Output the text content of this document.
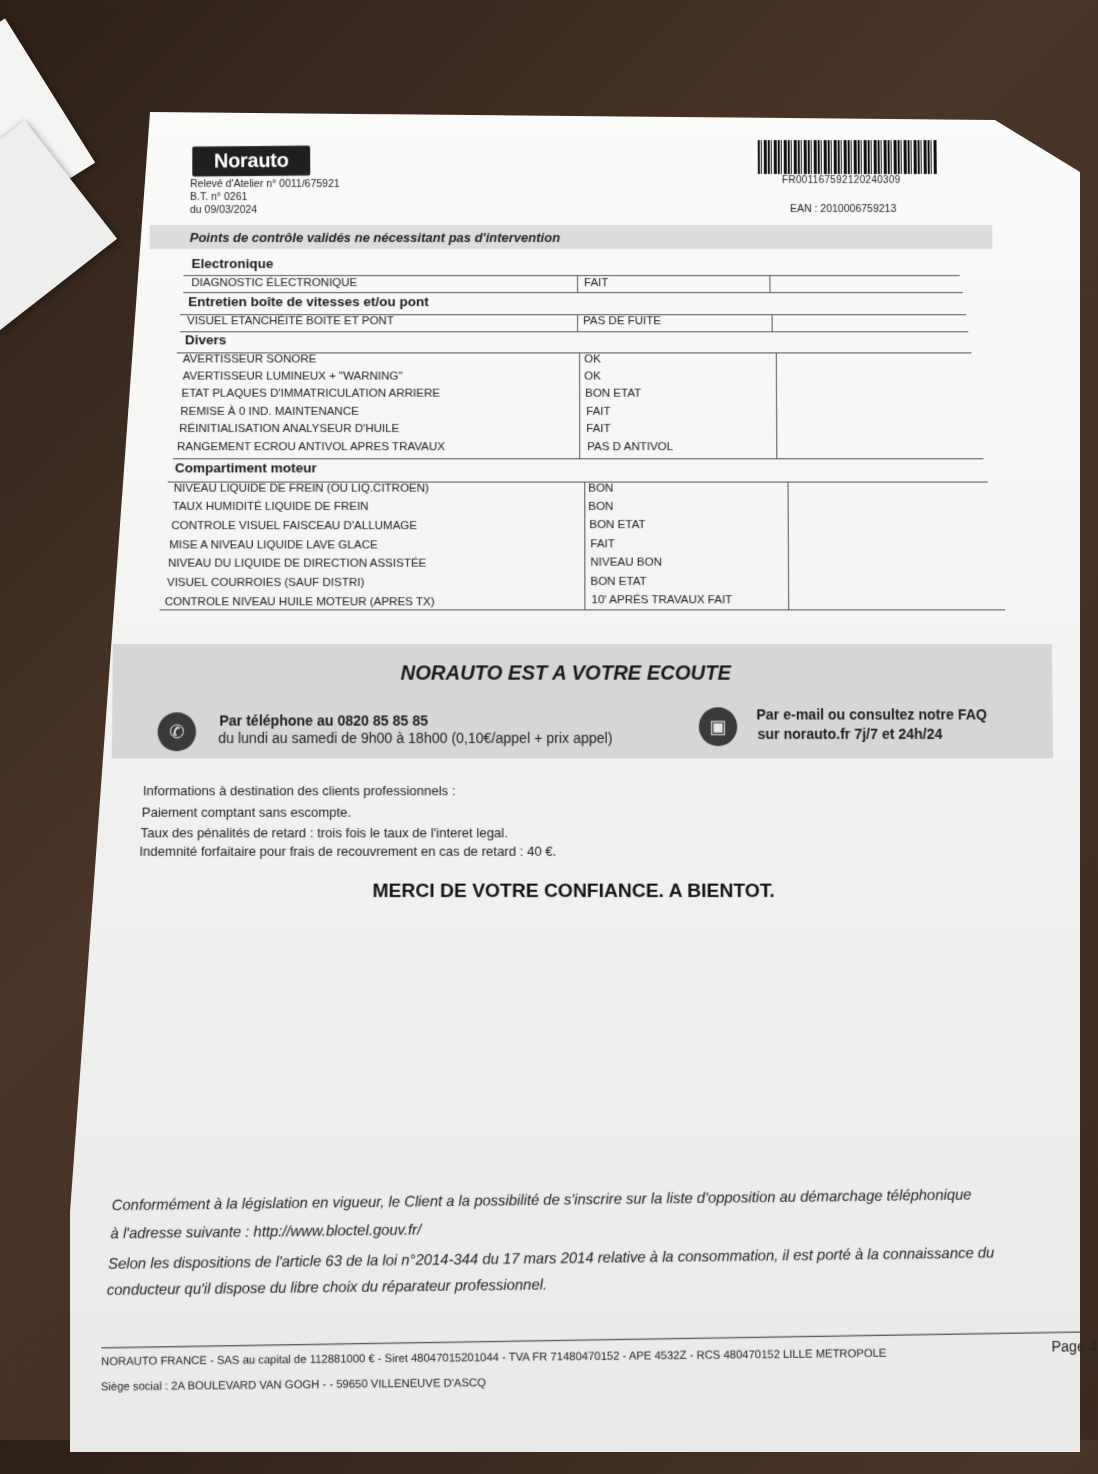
Norauto
Relevé d'Atelier n° 0011/675921
B.T. n° 0261
du 09/03/2024
FR001167592120240309
EAN : 2010006759213
Points de contrôle validés ne nécessitant pas d'intervention
Electronique
DIAGNOSTIC ÉLECTRONIQUE	FAIT
Entretien boîte de vitesses et/ou pont
VISUEL ETANCHÉITÉ BOITE ET PONT	PAS DE FUITE
Divers
AVERTISSEUR SONORE	OK
AVERTISSEUR LUMINEUX + "WARNING"	OK
ETAT PLAQUES D'IMMATRICULATION ARRIERE	BON ETAT
REMISE À 0 IND. MAINTENANCE	FAIT
RÉINITIALISATION ANALYSEUR D'HUILE	FAIT
RANGEMENT ECROU ANTIVOL APRES TRAVAUX	PAS D ANTIVOL
Compartiment moteur
NIVEAU LIQUIDE DE FREIN (OU LIQ.CITROEN)	BON
TAUX HUMIDITÉ LIQUIDE DE FREIN	BON
CONTROLE VISUEL FAISCEAU D'ALLUMAGE	BON ETAT
MISE A NIVEAU LIQUIDE LAVE GLACE	FAIT
NIVEAU DU LIQUIDE DE DIRECTION ASSISTÉE	NIVEAU BON
VISUEL COURROIES (SAUF DISTRI)	BON ETAT
CONTROLE NIVEAU HUILE MOTEUR (APRES TX)	10' APRÉS TRAVAUX FAIT
NORAUTO EST A VOTRE ECOUTE
✆
Par téléphone au 0820 85 85 85
du lundi au samedi de 9h00 à 18h00 (0,10€/appel + prix appel)
▣
Par e-mail ou consultez notre FAQ
sur norauto.fr 7j/7 et 24h/24
Informations à destination des clients professionnels :
Paiement comptant sans escompte.
Taux des pénalités de retard : trois fois le taux de l'interet legal.
Indemnité forfaitaire pour frais de recouvrement en cas de retard : 40 €.
MERCI DE VOTRE CONFIANCE. A BIENTOT.
Conformément à la législation en vigueur, le Client a la possibilité de s'inscrire sur la liste d'opposition au démarchage téléphonique
à l'adresse suivante : http://www.bloctel.gouv.fr/
Selon les dispositions de l'article 63 de la loi n°2014-344 du 17 mars 2014 relative à la consommation, il est porté à la connaissance du
conducteur qu'il dispose du libre choix du réparateur professionnel.
NORAUTO FRANCE - SAS au capital de 112881000 € - Siret 48047015201044 - TVA FR 71480470152 - APE 4532Z - RCS 480470152 LILLE METROPOLE
Siège social : 2A BOULEVARD VAN GOGH - - 59650 VILLENEUVE D'ASCQ
Page 4
